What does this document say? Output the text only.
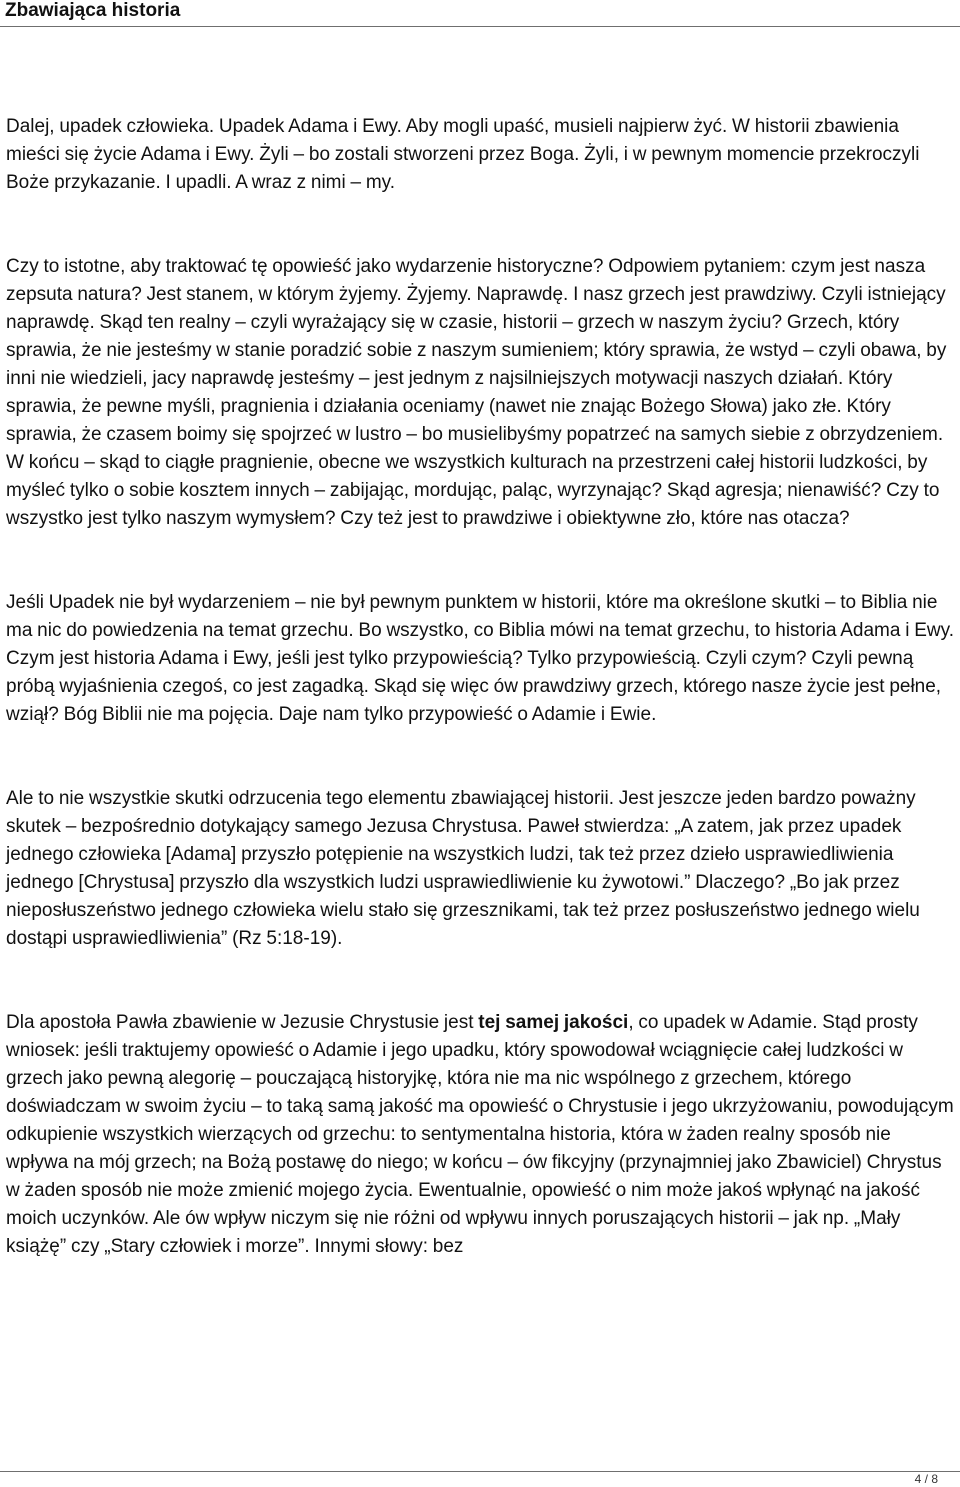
Zbawiająca historia

Dalej, upadek człowieka. Upadek Adama i Ewy. Aby mogli upaść, musieli najpierw żyć. W historii zbawienia mieści się życie Adama i Ewy. Żyli – bo zostali stworzeni przez Boga. Żyli, i w pewnym momencie przekroczyli Boże przykazanie. I upadli. A wraz z nimi – my.

Czy to istotne, aby traktować tę opowieść jako wydarzenie historyczne? Odpowiem pytaniem: czym jest nasza zepsuta natura? Jest stanem, w którym żyjemy. Żyjemy. Naprawdę. I nasz grzech jest prawdziwy. Czyli istniejący naprawdę. Skąd ten realny – czyli wyrażający się w czasie, historii – grzech w naszym życiu? Grzech, który sprawia, że nie jesteśmy w stanie poradzić sobie z naszym sumieniem; który sprawia, że wstyd – czyli obawa, by inni nie wiedzieli, jacy naprawdę jesteśmy – jest jednym z najsilniejszych motywacji naszych działań. Który sprawia, że pewne myśli, pragnienia i działania oceniamy (nawet nie znając Bożego Słowa) jako złe. Który sprawia, że czasem boimy się spojrzeć w lustro – bo musielibyśmy popatrzeć na samych siebie z obrzydzeniem. W końcu – skąd to ciągłe pragnienie, obecne we wszystkich kulturach na przestrzeni całej historii ludzkości, by myśleć tylko o sobie kosztem innych – zabijając, mordując, paląc, wyrzynając? Skąd agresja; nienawiść? Czy to wszystko jest tylko naszym wymysłem? Czy też jest to prawdziwe i obiektywne zło, które nas otacza?

Jeśli Upadek nie był wydarzeniem – nie był pewnym punktem w historii, które ma określone skutki – to Biblia nie ma nic do powiedzenia na temat grzechu. Bo wszystko, co Biblia mówi na temat grzechu, to historia Adama i Ewy. Czym jest historia Adama i Ewy, jeśli jest tylko przypowieścią? Tylko przypowieścią. Czyli czym? Czyli pewną próbą wyjaśnienia czegoś, co jest zagadką. Skąd się więc ów prawdziwy grzech, którego nasze życie jest pełne, wziął? Bóg Biblii nie ma pojęcia. Daje nam tylko przypowieść o Adamie i Ewie.

Ale to nie wszystkie skutki odrzucenia tego elementu zbawiającej historii. Jest jeszcze jeden bardzo poważny skutek – bezpośrednio dotykający samego Jezusa Chrystusa. Paweł stwierdza: „A zatem, jak przez upadek jednego człowieka [Adama] przyszło potępienie na wszystkich ludzi, tak też przez dzieło usprawiedliwienia jednego [Chrystusa] przyszło dla wszystkich ludzi usprawiedliwienie ku żywotowi.” Dlaczego? „Bo jak przez nieposłuszeństwo jednego człowieka wielu stało się grzesznikami, tak też przez posłuszeństwo jednego wielu dostąpi usprawiedliwienia” (Rz 5:18-19).

Dla apostoła Pawła zbawienie w Jezusie Chrystusie jest tej samej jakości, co upadek w Adamie. Stąd prosty wniosek: jeśli traktujemy opowieść o Adamie i jego upadku, który spowodował wciągnięcie całej ludzkości w grzech jako pewną alegorię – pouczającą historyjkę, która nie ma nic wspólnego z grzechem, którego doświadczam w swoim życiu – to taką samą jakość ma opowieść o Chrystusie i jego ukrzyżowaniu, powodującym odkupienie wszystkich wierzących od grzechu: to sentymentalna historia, która w żaden realny sposób nie wpływa na mój grzech; na Bożą postawę do niego; w końcu – ów fikcyjny (przynajmniej jako Zbawiciel) Chrystus w żaden sposób nie może zmienić mojego życia. Ewentualnie, opowieść o nim może jakoś wpłynąć na jakość moich uczynków. Ale ów wpływ niczym się nie różni od wpływu innych poruszających historii – jak np. „Mały książę” czy „Stary człowiek i morze”. Innymi słowy: bez

4 / 8
